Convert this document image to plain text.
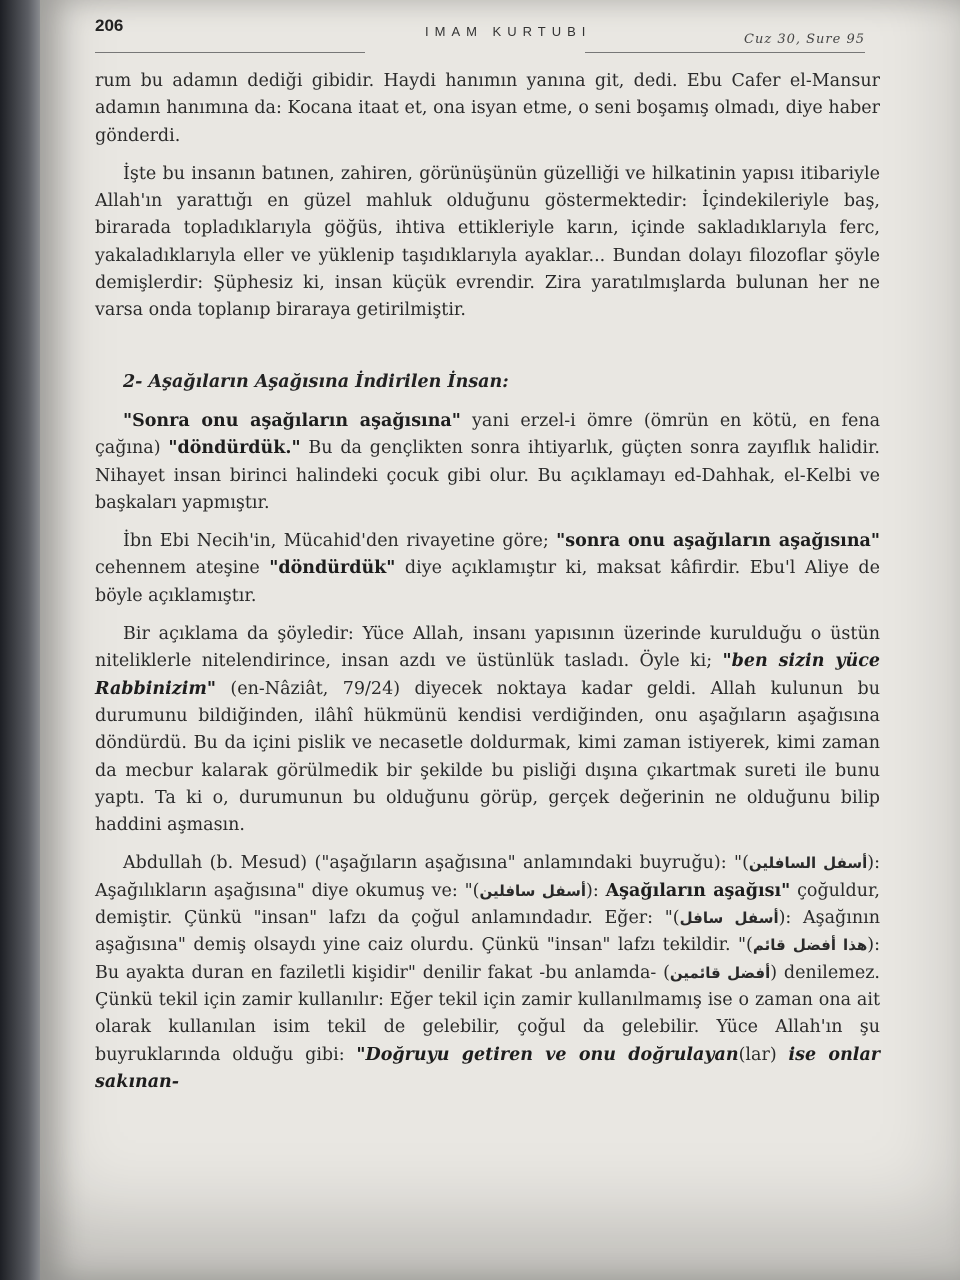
206	IMAM KURTUBI
Cuz 30, Sure 95

rum bu adamın dediği gibidir. Haydi hanımın yanına git, dedi. Ebu Cafer el-Mansur adamın hanımına da: Kocana itaat et, ona isyan etme, o seni boşamış olmadı, diye haber gönderdi.

İşte bu insanın batınen, zahiren, görünüşünün güzelliği ve hilkatinin yapısı itibariyle Allah'ın yarattığı en güzel mahluk olduğunu göstermektedir: İçindekileriyle baş, biraradа topladıklarıyla göğüs, ihtiva ettikleriyle karın, içinde sakladıklarıyla ferc, yakaladıklarıyla eller ve yüklenip taşıdıklarıyla ayaklar... Bundan dolayı filozoflar şöyle demişlerdir: Şüphesiz ki, insan küçük evrendir. Zira yaratılmışlarda bulunan her ne varsa onda toplanıp biraraya getirilmiştir.

2- Aşağıların Aşağısına İndirilen İnsan:

"Sonra onu aşağıların aşağısına" yani erzel-i ömre (ömrün en kötü, en fena çağına) "döndürdük." Bu da gençlikten sonra ihtiyarlık, güçten sonra zayıflık halidir. Nihayet insan birinci halindeki çocuk gibi olur. Bu açıklamayı ed-Dahhak, el-Kelbi ve başkaları yapmıştır.

İbn Ebi Necih'in, Mücahid'den rivayetine göre; "sonra onu aşağıların aşağısına" cehennem ateşine "döndürdük" diye açıklamıştır ki, maksat kâfirdir. Ebu'l Aliye de böyle açıklamıştır.

Bir açıklama da şöyledir: Yüce Allah, insanı yapısının üzerinde kurulduğu o üstün niteliklerle nitelendirince, insan azdı ve üstünlük tasladı. Öyle ki; "ben sizin yüce Rabbinizim" (en-Nâziât, 79/24) diyecek noktaya kadar geldi. Allah kulunun bu durumunu bildiğinden, ilâhî hükmünü kendisi verdiğinden, onu aşağıların aşağısına döndürdü. Bu da içini pislik ve necasetle doldurmak, kimi zaman istiyerek, kimi zaman da mecbur kalarak görülmedik bir şekilde bu pisliği dışına çıkartmak sureti ile bunu yaptı. Ta ki o, durumunun bu olduğunu görüp, gerçek değerinin ne olduğunu bilip haddini aşmasın.

Abdullah (b. Mesud) ("aşağıların aşağısına" anlamındaki buyruğu): "(أسفل السافلين): Aşağılıkların aşağısına" diye okumuş ve: "(أسفل سافلين): Aşağıların aşağısı" çoğuldur, demiştir. Çünkü "insan" lafzı da çoğul anlamındadır. Eğer: "(أسفل سافل): Aşağının aşağısına" demiş olsaydı yine caiz olurdu. Çünkü "insan" lafzı tekildir. "(هذا أفضل قائم): Bu ayakta duran en faziletli kişidir" denilir fakat -bu anlamda- (أفضل قائمين) denilemez. Çünkü tekil için zamir kullanılır: Eğer tekil için zamir kullanılmamış ise o zaman ona ait olarak kullanılan isim tekil de gelebilir, çoğul da gelebilir. Yüce Allah'ın şu buyruklarında olduğu gibi: "Doğruyu getiren ve onu doğrulayan(lar) ise onlar sakınan-
